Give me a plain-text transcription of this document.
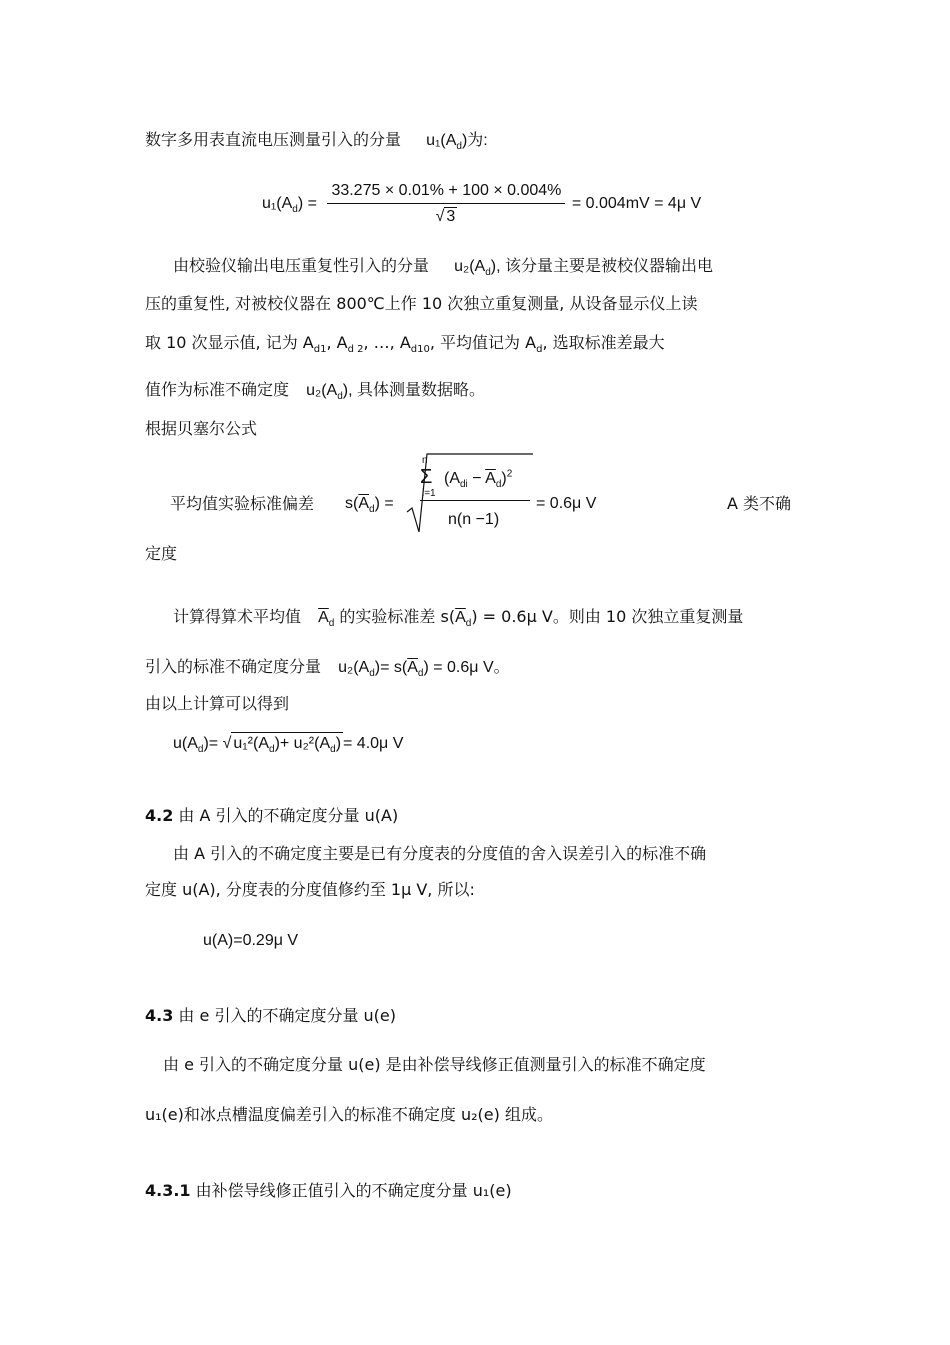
数字多用表直流电压测量引入的分量 $u_1(A_d)$为:
$u_1(A_d) = \frac{33.275 \times 0.01\% + 100 \times 0.004\%}{√ 3} = 0.004mV = 4\mu$ V
由校验仪输出电压重复性引入的分量 $u_2(A_d)$, 该分量主要是被校仪器输出电
压的重复性, 对被校仪器在 800℃上作 10 次独立重复测量, 从设备显示仪上读
取 10 次显示值, 记为 $A_{d1}$, $A_{d 2}$, …, $A_{d10}$, 平均值记为 $A_d$, 选取标准差最大
值作为标准不确定度 $u_2(A_d)$, 具体测量数据略。
根据贝塞尔公式
平均值实验标准偏差 $s(\overline{A}_d)$ =
n
Σ
i=1
$(A_{di} - \overline{A}_d)^2$
n(n −1)
= 0.6μ V	A 类不确
定度
计算得算术平均值 $\overline{A}_d$ 的实验标准差 $s(\overline{A}_d) = 0.6\mu$ V。则由 10 次独立重复测量
引入的标准不确定度分量 $u_2(A_d)= s(\overline{A}_d) = 0.6\mu$ V。
由以上计算可以得到
$u(A_d)=$ √ $u_1^2(A_d)+ u_2^2(A_d) = 4.0\mu$ V
4.2 由 A 引入的不确定度分量 u(A)
由 A 引入的不确定度主要是已有分度表的分度值的舍入误差引入的标准不确
定度 u(A), 分度表的分度值修约至 1μ V, 所以:
u(A)=0.29μ V
4.3 由 e 引入的不确定度分量 u(e)
由 e 引入的不确定度分量 u(e) 是由补偿导线修正值测量引入的标准不确定度
u₁(e)和冰点槽温度偏差引入的标准不确定度 u₂(e) 组成。
4.3.1 由补偿导线修正值引入的不确定度分量 u₁(e)
